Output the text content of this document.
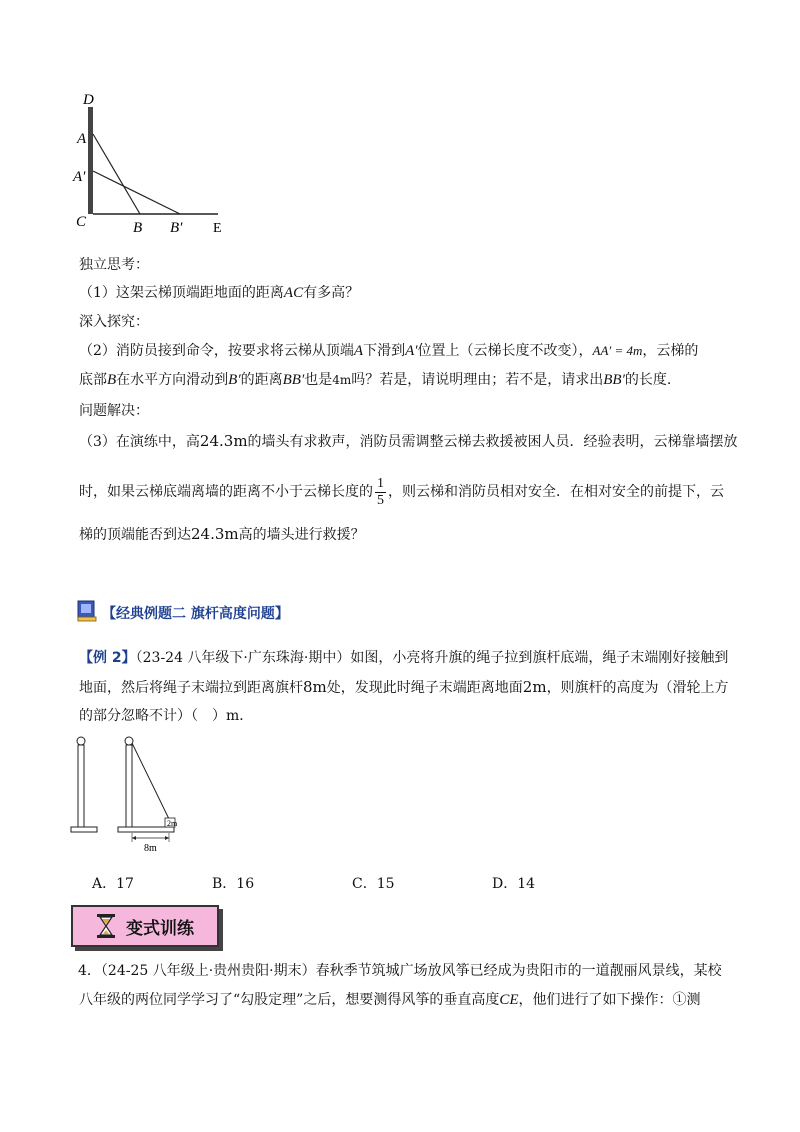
D
A
A′
C	B B′ E
独立思考：
（1）这架云梯顶端距地面的距离AC有多高？
深入探究：
（2）消防员接到命令，按要求将云梯从顶端A下滑到A′位置上（云梯长度不改变），AA′ = 4m，云梯的
底部B在水平方向滑动到B′的距离BB′也是4m吗？若是，请说明理由；若不是，请求出BB′的长度.
问题解决：
（3）在演练中，高24.3m的墙头有求救声，消防员需调整云梯去救援被困人员．经验表明，云梯靠墙摆放
时，如果云梯底端离墙的距离不小于云梯长度的 $\frac{1}{5}$ ，则云梯和消防员相对安全．在相对安全的前提下，云
梯的顶端能否到达24.3m高的墙头进行救援？
【经典例题二 旗杆高度问题】
【例 2】（23-24 八年级下·广东珠海·期中）如图，小亮将升旗的绳子拉到旗杆底端，绳子末端刚好接触到
地面，然后将绳子末端拉到距离旗杆8m处，发现此时绳子末端距离地面2m，则旗杆的高度为（滑轮上方
的部分忽略不计）（　）m．
2m
8m
A．17	B．16	C．15	D．14
变式训练
4．（24-25 八年级上·贵州贵阳·期末）春秋季节筑城广场放风筝已经成为贵阳市的一道靓丽风景线，某校
八年级的两位同学学习了“勾股定理”之后，想要测得风筝的垂直高度CE，他们进行了如下操作：①测
